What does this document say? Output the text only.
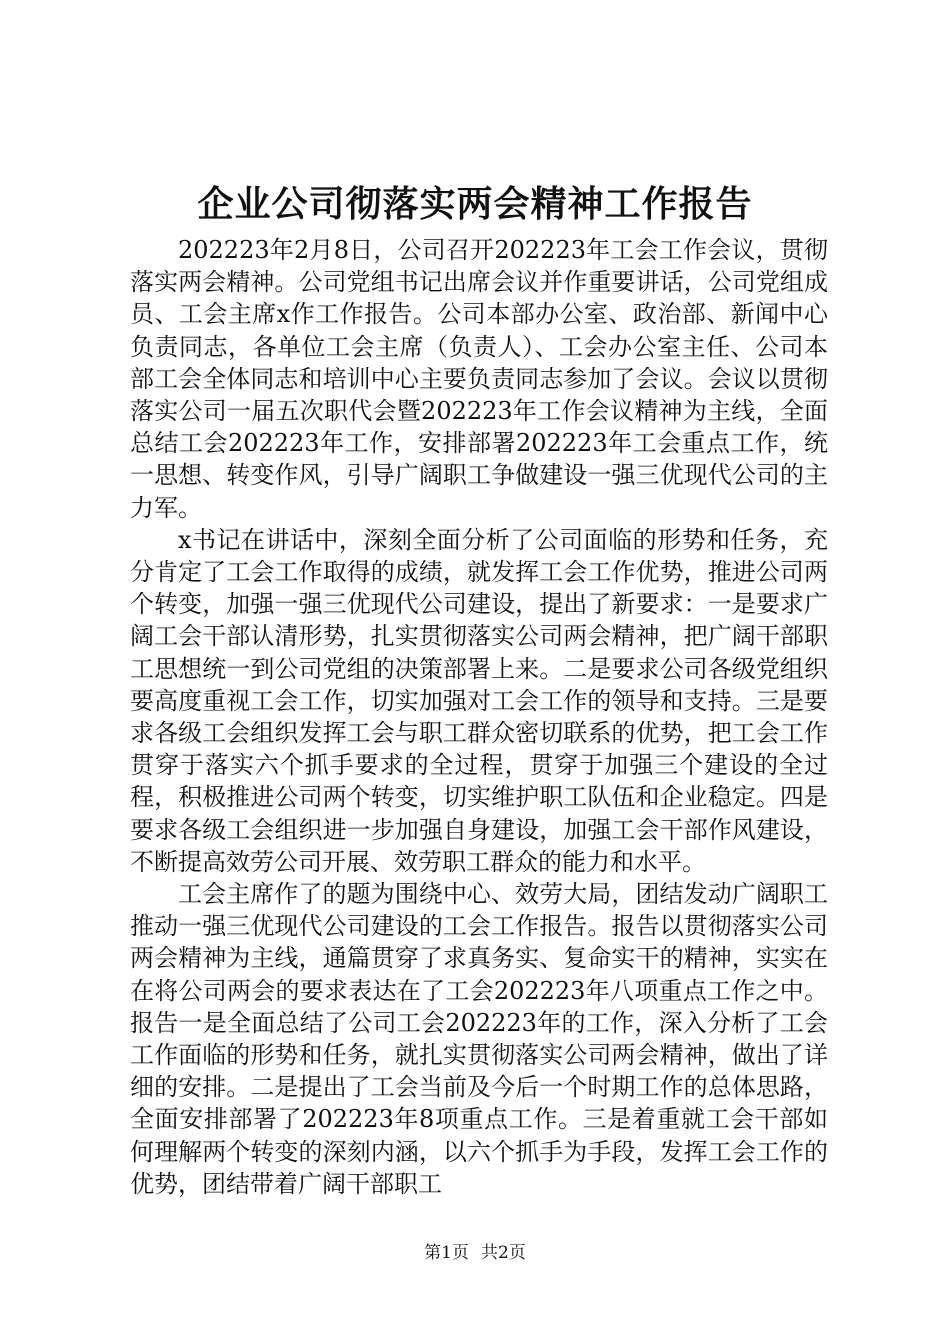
企业公司彻落实两会精神工作报告

202223年2月8日，公司召开202223年工会工作会议，贯彻落实两会精神。公司党组书记出席会议并作重要讲话，公司党组成员、工会主席x作工作报告。公司本部办公室、政治部、新闻中心负责同志，各单位工会主席（负责人）、工会办公室主任、公司本部工会全体同志和培训中心主要负责同志参加了会议。会议以贯彻落实公司一届五次职代会暨202223年工作会议精神为主线，全面总结工会202223年工作，安排部署202223年工会重点工作，统一思想、转变作风，引导广阔职工争做建设一强三优现代公司的主力军。

x书记在讲话中，深刻全面分析了公司面临的形势和任务，充分肯定了工会工作取得的成绩，就发挥工会工作优势，推进公司两个转变，加强一强三优现代公司建设，提出了新要求：一是要求广阔工会干部认清形势，扎实贯彻落实公司两会精神，把广阔干部职工思想统一到公司党组的决策部署上来。二是要求公司各级党组织要高度重视工会工作，切实加强对工会工作的领导和支持。三是要求各级工会组织发挥工会与职工群众密切联系的优势，把工会工作贯穿于落实六个抓手要求的全过程，贯穿于加强三个建设的全过程，积极推进公司两个转变，切实维护职工队伍和企业稳定。四是要求各级工会组织进一步加强自身建设，加强工会干部作风建设，不断提高效劳公司开展、效劳职工群众的能力和水平。

工会主席作了的题为围绕中心、效劳大局，团结发动广阔职工推动一强三优现代公司建设的工会工作报告。报告以贯彻落实公司两会精神为主线，通篇贯穿了求真务实、复命实干的精神，实实在在将公司两会的要求表达在了工会202223年八项重点工作之中。报告一是全面总结了公司工会202223年的工作，深入分析了工会工作面临的形势和任务，就扎实贯彻落实公司两会精神，做出了详细的安排。二是提出了工会当前及今后一个时期工作的总体思路，全面安排部署了202223年8项重点工作。三是着重就工会干部如何理解两个转变的深刻内涵，以六个抓手为手段，发挥工会工作的优势，团结带着广阔干部职工

第1页 共2页
